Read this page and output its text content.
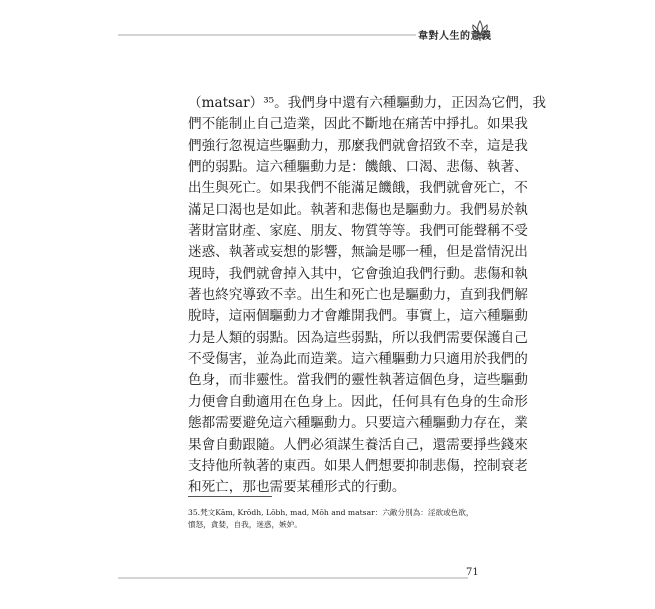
韋對人生的意義
（matsar）³⁵。我們身中還有六種驅動力，正因為它們，我
們不能制止自己造業，因此不斷地在痛苦中掙扎。如果我
們強行忽視這些驅動力，那麼我們就會招致不幸，這是我
們的弱點。這六種驅動力是：饑餓、口渴、悲傷、執著、
出生與死亡。如果我們不能滿足饑餓，我們就會死亡，不
滿足口渴也是如此。執著和悲傷也是驅動力。我們易於執
著財富財產、家庭、朋友、物質等等。我們可能聲稱不受
迷惑、執著或妄想的影響，無論是哪一種，但是當情況出
現時，我們就會掉入其中，它會強迫我們行動。悲傷和執
著也終究導致不幸。出生和死亡也是驅動力，直到我們解
脫時，這兩個驅動力才會離開我們。事實上，這六種驅動
力是人類的弱點。因為這些弱點，所以我們需要保護自己
不受傷害，並為此而造業。這六種驅動力只適用於我們的
色身，而非靈性。當我們的靈性執著這個色身，這些驅動
力便會自動適用在色身上。因此，任何具有色身的生命形
態都需要避免這六種驅動力。只要這六種驅動力存在，業
果會自動跟隨。人們必須謀生養活自己，還需要掙些錢來
支持他所執著的東西。如果人們想要抑制悲傷，控制衰老
和死亡，那也需要某種形式的行動。
35.梵文Kām, Krōdh, Lōbh, mad, Mōh and matsar：六敵分別為：淫欲或色欲，
憤怒，貪婪，自我，迷惑，嫉妒。
71
